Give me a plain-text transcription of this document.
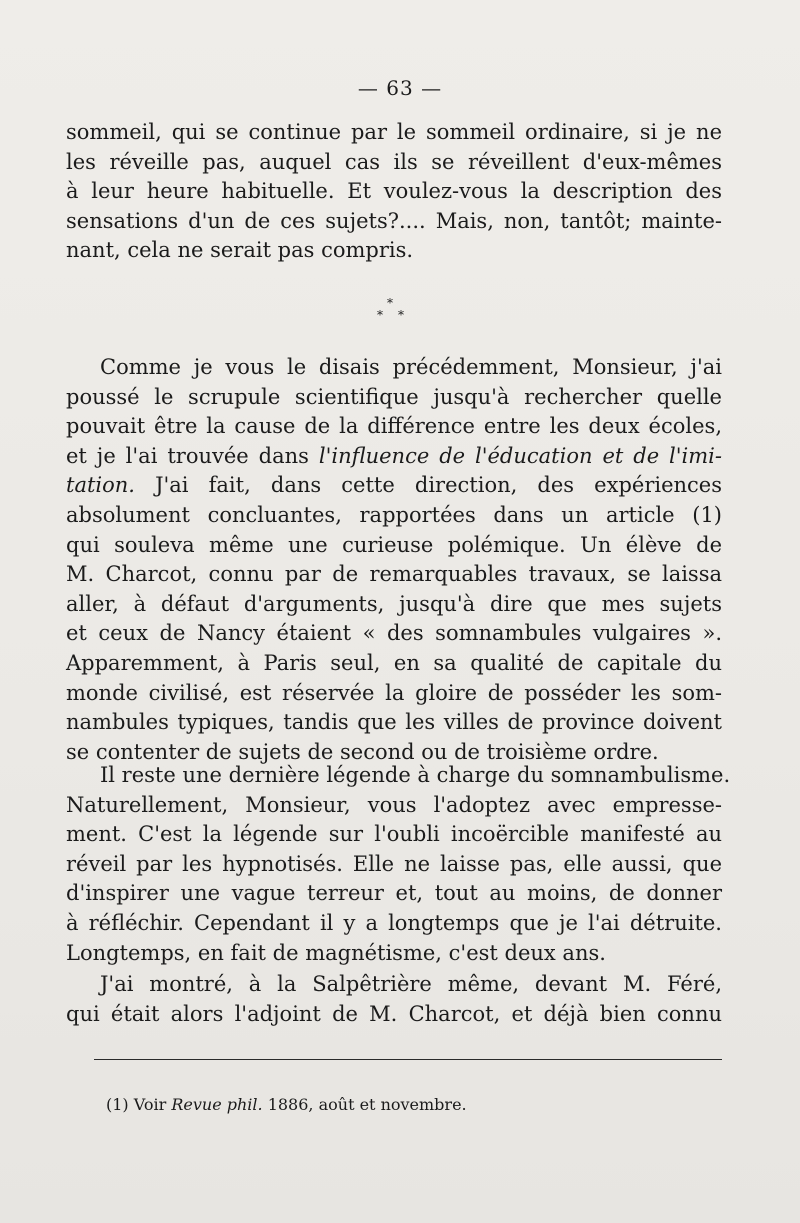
— 63 —
sommeil, qui se continue par le sommeil ordinaire, si je ne
les réveille pas, auquel cas ils se réveillent d'eux-mêmes
à leur heure habituelle. Et voulez-vous la description des
sensations d'un de ces sujets?.... Mais, non, tantôt; mainte-
nant, cela ne serait pas compris.
*
* *
Comme je vous le disais précédemment, Monsieur, j'ai
poussé le scrupule scientifique jusqu'à rechercher quelle
pouvait être la cause de la différence entre les deux écoles,
et je l'ai trouvée dans l'influence de l'éducation et de l'imi-
tation. J'ai fait, dans cette direction, des expériences
absolument concluantes, rapportées dans un article (1)
qui souleva même une curieuse polémique. Un élève de
M. Charcot, connu par de remarquables travaux, se laissa
aller, à défaut d'arguments, jusqu'à dire que mes sujets
et ceux de Nancy étaient « des somnambules vulgaires ».
Apparemment, à Paris seul, en sa qualité de capitale du
monde civilisé, est réservée la gloire de posséder les som-
nambules typiques, tandis que les villes de province doivent
se contenter de sujets de second ou de troisième ordre.
Il reste une dernière légende à charge du somnambulisme.
Naturellement, Monsieur, vous l'adoptez avec empresse-
ment. C'est la légende sur l'oubli incoërcible manifesté au
réveil par les hypnotisés. Elle ne laisse pas, elle aussi, que
d'inspirer une vague terreur et, tout au moins, de donner
à réfléchir. Cependant il y a longtemps que je l'ai détruite.
Longtemps, en fait de magnétisme, c'est deux ans.
J'ai montré, à la Salpêtrière même, devant M. Féré,
qui était alors l'adjoint de M. Charcot, et déjà bien connu
(1) Voir Revue phil. 1886, août et novembre.
